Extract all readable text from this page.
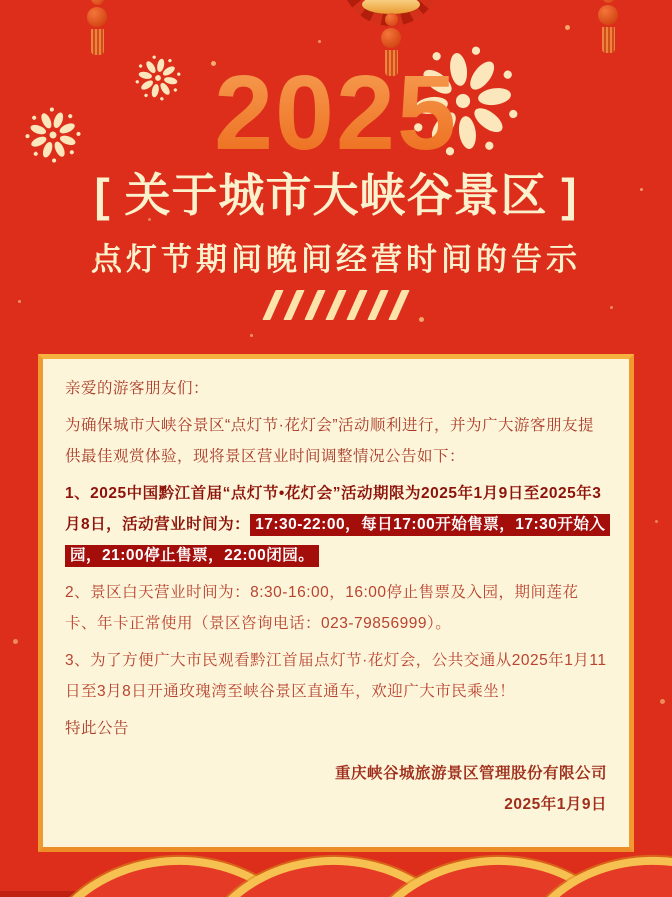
2025
[ 关于城市大峡谷景区 ]
点灯节期间晚间经营时间的告示

亲爱的游客朋友们：

为确保城市大峡谷景区“点灯节·花灯会”活动顺利进行，并为广大游客朋友提供最佳观赏体验，现将景区营业时间调整情况公告如下：

1、2025中国黔江首届“点灯节•花灯会”活动期限为2025年1月9日至2025年3月8日，活动营业时间为： 17:30-22:00，每日17:00开始售票，17:30开始入园，21:00停止售票，22:00闭园。

2、景区白天营业时间为：8:30-16:00，16:00停止售票及入园，期间莲花卡、年卡正常使用（景区咨询电话：023-79856999）。

3、为了方便广大市民观看黔江首届点灯节·花灯会，公共交通从2025年1月11日至3月8日开通玫瑰湾至峡谷景区直通车，欢迎广大市民乘坐！

特此公告

重庆峡谷城旅游景区管理股份有限公司
2025年1月9日
